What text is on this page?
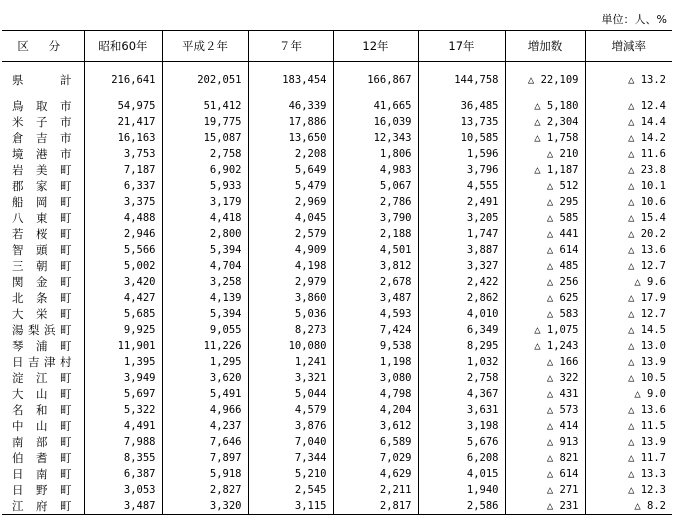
単位：人、%
区 分	昭和60年	平成２年	７年	12年	17年	増加数	増減率

県 計	216,641	202,051	183,454	166,867	144,758	△ 22,109	△ 13.2

鳥取市	54,975	51,412	46,339	41,665	36,485	△ 5,180	△ 12.4
米子市	21,417	19,775	17,886	16,039	13,735	△ 2,304	△ 14.4
倉吉市	16,163	15,087	13,650	12,343	10,585	△ 1,758	△ 14.2
境港市	3,753	2,758	2,208	1,806	1,596	△ 210	△ 11.6
岩美町	7,187	6,902	5,649	4,983	3,796	△ 1,187	△ 23.8
郡家町	6,337	5,933	5,479	5,067	4,555	△ 512	△ 10.1
船岡町	3,375	3,179	2,969	2,786	2,491	△ 295	△ 10.6
八東町	4,488	4,418	4,045	3,790	3,205	△ 585	△ 15.4
若桜町	2,946	2,800	2,579	2,188	1,747	△ 441	△ 20.2
智頭町	5,566	5,394	4,909	4,501	3,887	△ 614	△ 13.6
三朝町	5,002	4,704	4,198	3,812	3,327	△ 485	△ 12.7
関金町	3,420	3,258	2,979	2,678	2,422	△ 256	△ 9.6
北条町	4,427	4,139	3,860	3,487	2,862	△ 625	△ 17.9
大栄町	5,685	5,394	5,036	4,593	4,010	△ 583	△ 12.7
湯梨浜町	9,925	9,055	8,273	7,424	6,349	△ 1,075	△ 14.5
琴浦町	11,901	11,226	10,080	9,538	8,295	△ 1,243	△ 13.0
日吉津村	1,395	1,295	1,241	1,198	1,032	△ 166	△ 13.9
淀江町	3,949	3,620	3,321	3,080	2,758	△ 322	△ 10.5
大山町	5,697	5,491	5,044	4,798	4,367	△ 431	△ 9.0
名和町	5,322	4,966	4,579	4,204	3,631	△ 573	△ 13.6
中山町	4,491	4,237	3,876	3,612	3,198	△ 414	△ 11.5
南部町	7,988	7,646	7,040	6,589	5,676	△ 913	△ 13.9
伯耆町	8,355	7,897	7,344	7,029	6,208	△ 821	△ 11.7
日南町	6,387	5,918	5,210	4,629	4,015	△ 614	△ 13.3
日野町	3,053	2,827	2,545	2,211	1,940	△ 271	△ 12.3
江府町	3,487	3,320	3,115	2,817	2,586	△ 231	△ 8.2
